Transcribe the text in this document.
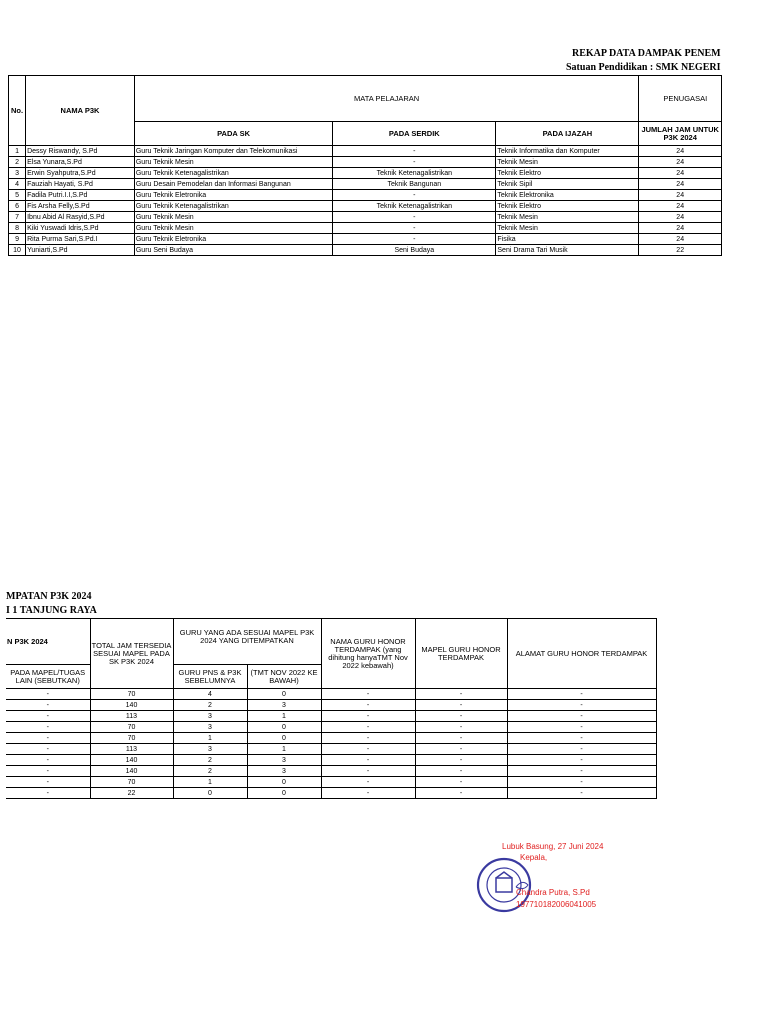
REKAP DATA DAMPAK PENEM
Satuan Pendidikan : SMK NEGERI
No.	NAMA P3K	MATA PELAJARAN			PENUGASAI
		PADA SK	PADA SERDIK	PADA IJAZAH	JUMLAH JAM UNTUK P3K 2024
1	Dessy Riswandy, S.Pd	Guru Teknik Jaringan Komputer dan Telekomunikasi	-	Teknik Informatika dan Komputer	24
2	Elsa Yunara,S.Pd	Guru Teknik Mesin	-	Teknik Mesin	24
3	Erwin Syahputra,S.Pd	Guru Teknik Ketenagalistrikan	Teknik Ketenagalistrikan	Teknik Elektro	24
4	Fauziah Hayati, S.Pd	Guru Desain Pemodelan dan Informasi Bangunan	Teknik Bangunan	Teknik Sipil	24
5	Fadila Putri.I.I,S.Pd	Guru Teknik Eletronika	-	Teknik Elektronika	24
6	Fis Arsha Felly,S.Pd	Guru Teknik Ketenagalistrikan	Teknik Ketenagalistrikan	Teknik Elektro	24
7	Ibnu Abid Al Rasyid,S.Pd	Guru Teknik Mesin	-	Teknik Mesin	24
8	Kiki Yuswadi Idris,S.Pd	Guru Teknik Mesin	-	Teknik Mesin	24
9	Rita Purma Sari,S.Pd.I	Guru Teknik Eletronika	-	Fisika	24
10	Yuniarti,S.Pd	Guru Seni Budaya	Seni Budaya	Seni Drama Tari Musik	22
MPATAN P3K 2024
I 1 TANJUNG RAYA
N P3K 2024	TOTAL JAM TERSEDIA SESUAI MAPEL PADA SK P3K 2024	GURU YANG ADA SESUAI MAPEL P3K 2024 YANG DITEMPATKAN		NAMA GURU HONOR TERDAMPAK (yang dihitung hanyaTMT Nov 2022 kebawah)	MAPEL GURU HONOR TERDAMPAK	ALAMAT GURU HONOR TERDAMPAK
PADA MAPEL/TUGAS LAIN (SEBUTKAN)		GURU PNS & P3K SEBELUMNYA	(TMT NOV 2022 KE BAWAH)			
-	70	4	0	-	-	-
-	140	2	3	-	-	-
-	113	3	1	-	-	-
-	70	3	0	-	-	-
-	70	1	0	-	-	-
-	113	3	1	-	-	-
-	140	2	3	-	-	-
-	140	2	3	-	-	-
-	70	1	0	-	-	-
-	22	0	0	-	-	-
Lubuk Basung, 27 Juni 2024
Kepala,
Chandra Putra, S.Pd
197710182006041005
